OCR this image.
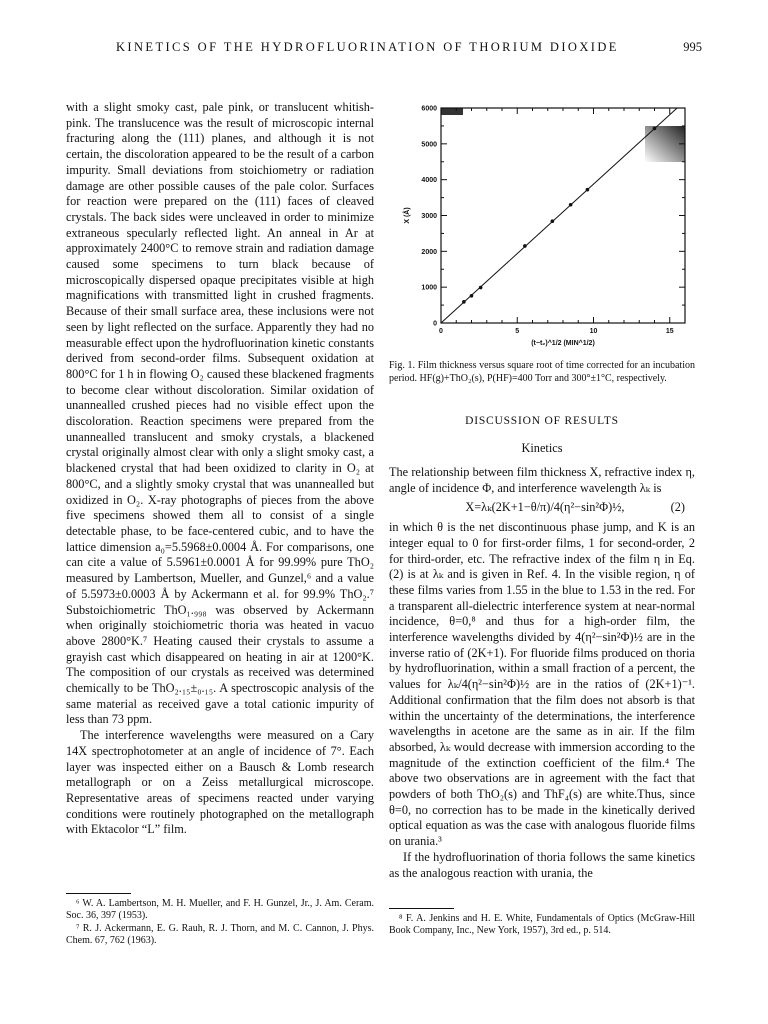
KINETICS OF THE HYDROFLUORINATION OF THORIUM DIOXIDE	995

with a slight smoky cast, pale pink, or translucent whitish-pink. The translucence was the result of microscopic internal fracturing along the (111) planes, and although it is not certain, the discoloration appeared to be the result of a carbon impurity. Small deviations from stoichiometry or radiation damage are other possible causes of the pale color. Surfaces for reaction were prepared on the (111) faces of cleaved crystals. The back sides were uncleaved in order to minimize extraneous specularly reflected light. An anneal in Ar at approximately 2400°C to remove strain and radiation damage caused some specimens to turn black because of microscopically dispersed opaque precipitates visible at high magnifications with transmitted light in crushed fragments. Because of their small surface area, these inclusions were not seen by light reflected on the surface. Apparently they had no measurable effect upon the hydrofluorination kinetic constants derived from second-order films. Subsequent oxidation at 800°C for 1 h in flowing O₂ caused these blackened fragments to become clear without discoloration. Similar oxidation of unannealled crushed pieces had no visible effect upon the discoloration. Reaction specimens were prepared from the unannealled translucent and smoky crystals, a blackened crystal originally almost clear with only a slight smoky cast, a blackened crystal that had been oxidized to clarity in O₂ at 800°C, and a slightly smoky crystal that was unannealled but oxidized in O₂. X-ray photographs of pieces from the above five specimens showed them all to consist of a single detectable phase, to be face-centered cubic, and to have the lattice dimension a₀=5.5968±0.0004 Å. For comparisons, one can cite a value of 5.5961±0.0001 Å for 99.99% pure ThO₂ measured by Lambertson, Mueller, and Gunzel,⁶ and a value of 5.5973±0.0003 Å by Ackermann et al. for 99.9% ThO₂.⁷ Substoichiometric ThO₁.₉₉₈ was observed by Ackermann when originally stoichiometric thoria was heated in vacuo above 2800°K.⁷ Heating caused their crystals to assume a grayish cast which disappeared on heating in air at 1200°K. The composition of our crystals as received was determined chemically to be ThO₂.₁₅±₀.₁₅. A spectroscopic analysis of the same material as received gave a total cationic impurity of less than 73 ppm.

The interference wavelengths were measured on a Cary 14X spectrophotometer at an angle of incidence of 7°. Each layer was inspected either on a Bausch & Lomb research metallograph or on a Zeiss metallurgical microscope. Representative areas of specimens reacted under varying conditions were routinely photographed on the metallograph with Ektacolor “L” film.

⁶ W. A. Lambertson, M. H. Mueller, and F. H. Gunzel, Jr., J. Am. Ceram. Soc. 36, 397 (1953).

⁷ R. J. Ackermann, E. G. Rauh, R. J. Thorn, and M. C. Cannon, J. Phys. Chem. 67, 762 (1963).

0	5	10	15
0
1000
2000
3000
4000
5000
6000
(t−t₂)^1/2 (MIN^1/2)
X (Å)
Fig. 1. Film thickness versus square root of time corrected for an incubation period. HF(g)+ThO₂(s), P(HF)=400 Torr and 300°±1°C, respectively.
DISCUSSION OF RESULTS
Kinetics

The relationship between film thickness X, refractive index η, angle of incidence Φ, and interference wavelength λₖ is

X=λₖ(2K+1−θ/π)/4(η²−sin²Φ)½,	(2)

in which θ is the net discontinuous phase jump, and K is an integer equal to 0 for first-order films, 1 for second-order, 2 for third-order, etc. The refractive index of the film η in Eq. (2) is at λₖ and is given in Ref. 4. In the visible region, η of these films varies from 1.55 in the blue to 1.53 in the red. For a transparent all-dielectric interference system at near-normal incidence, θ=0,⁸ and thus for a high-order film, the interference wavelengths divided by 4(η²−sin²Φ)½ are in the inverse ratio of (2K+1). For fluoride films produced on thoria by hydrofluorination, within a small fraction of a percent, the values for λₖ/4(η²−sin²Φ)½ are in the ratios of (2K+1)⁻¹. Additional confirmation that the film does not absorb is that within the uncertainty of the determinations, the interference wavelengths in acetone are the same as in air. If the film absorbed, λₖ would decrease with immersion according to the magnitude of the extinction coefficient of the film.⁴ The above two observations are in agreement with the fact that powders of both ThO₂(s) and ThF₄(s) are white.Thus, since θ=0, no correction has to be made in the kinetically derived optical equation as was the case with analogous fluoride films on urania.³

If the hydrofluorination of thoria follows the same kinetics as the analogous reaction with urania, the

⁸ F. A. Jenkins and H. E. White, Fundamentals of Optics (McGraw-Hill Book Company, Inc., New York, 1957), 3rd ed., p. 514.
